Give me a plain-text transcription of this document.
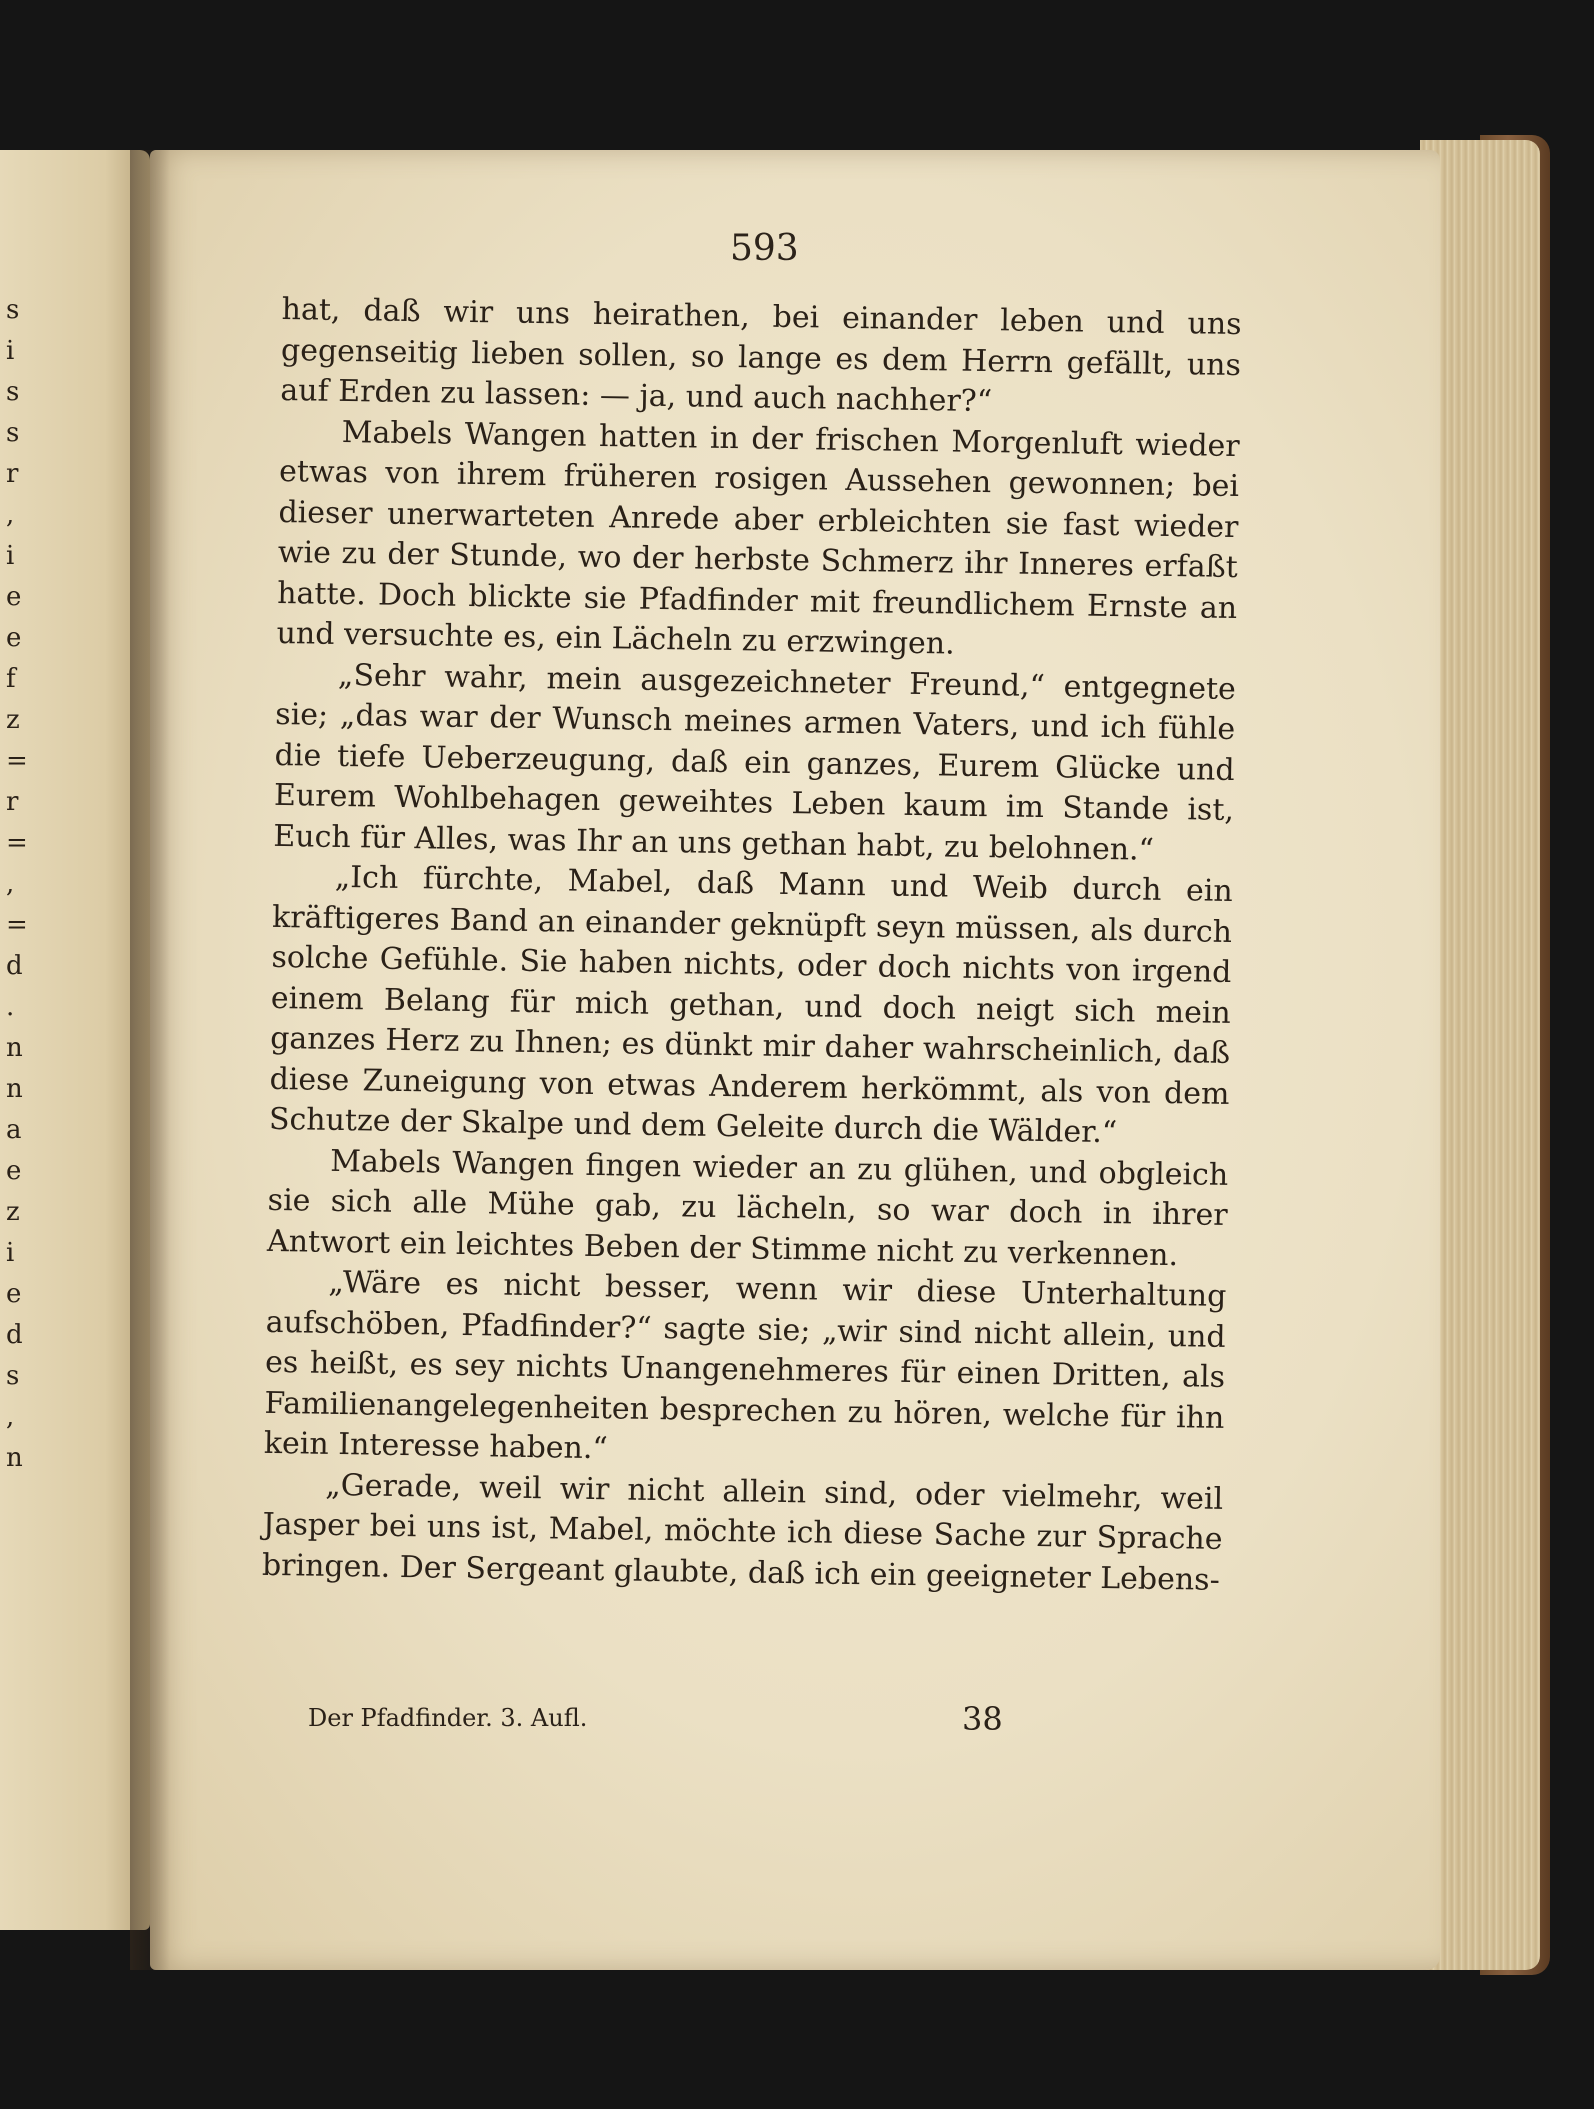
s
i
s
s
r
,
i
e
e
f
z
=
r
=
,
=
d
.
n
n
a
e
z
i
e
d
s
,
n
593

hat, daß wir uns heirathen, bei einander leben und uns gegenseitig lieben sollen, so lange es dem Herrn gefällt, uns auf Erden zu lassen: — ja, und auch nachher?“

Mabels Wangen hatten in der frischen Morgenluft wieder etwas von ihrem früheren rosigen Aussehen gewonnen; bei dieser unerwarteten Anrede aber erbleichten sie fast wieder wie zu der Stunde, wo der herbste Schmerz ihr Inneres erfaßt hatte. Doch blickte sie Pfadfinder mit freundlichem Ernste an und versuchte es, ein Lächeln zu erzwingen.

„Sehr wahr, mein ausgezeichneter Freund,“ entgegnete sie; „das war der Wunsch meines armen Vaters, und ich fühle die tiefe Ueberzeugung, daß ein ganzes, Eurem Glücke und Eurem Wohlbehagen geweihtes Leben kaum im Stande ist, Euch für Alles, was Ihr an uns gethan habt, zu belohnen.“

„Ich fürchte, Mabel, daß Mann und Weib durch ein kräftigeres Band an einander geknüpft seyn müssen, als durch solche Gefühle. Sie haben nichts, oder doch nichts von irgend einem Belang für mich gethan, und doch neigt sich mein ganzes Herz zu Ihnen; es dünkt mir daher wahrscheinlich, daß diese Zuneigung von etwas Anderem herkömmt, als von dem Schutze der Skalpe und dem Geleite durch die Wälder.“

Mabels Wangen fingen wieder an zu glühen, und obgleich sie sich alle Mühe gab, zu lächeln, so war doch in ihrer Antwort ein leichtes Beben der Stimme nicht zu verkennen.

„Wäre es nicht besser, wenn wir diese Unterhaltung aufschöben, Pfadfinder?“ sagte sie; „wir sind nicht allein, und es heißt, es sey nichts Unangenehmeres für einen Dritten, als Familienangelegenheiten besprechen zu hören, welche für ihn kein Interesse haben.“

„Gerade, weil wir nicht allein sind, oder vielmehr, weil Jasper bei uns ist, Mabel, möchte ich diese Sache zur Sprache bringen. Der Sergeant glaubte, daß ich ein geeigneter Lebens-

Der Pfadfinder. 3. Aufl.	38
